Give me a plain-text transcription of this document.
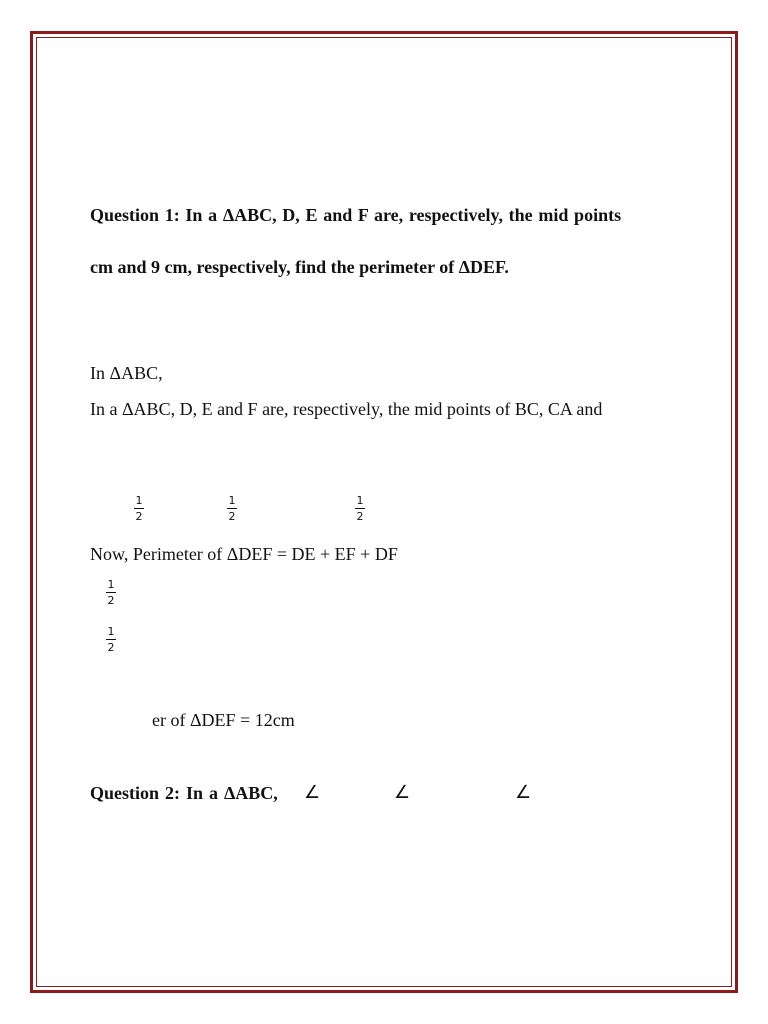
Question 1: In a ΔABC, D, E and F are, respectively, the mid points
cm and 9 cm, respectively, find the perimeter of ΔDEF.
In ΔABC,
In a ΔABC, D, E and F are, respectively, the mid points of BC, CA and
1
2
1
2
1
2
Now, Perimeter of ΔDEF = DE + EF + DF
1
2
1
2
er of ΔDEF = 12cm
Question 2: In a ΔABC, ∠	∠	∠
